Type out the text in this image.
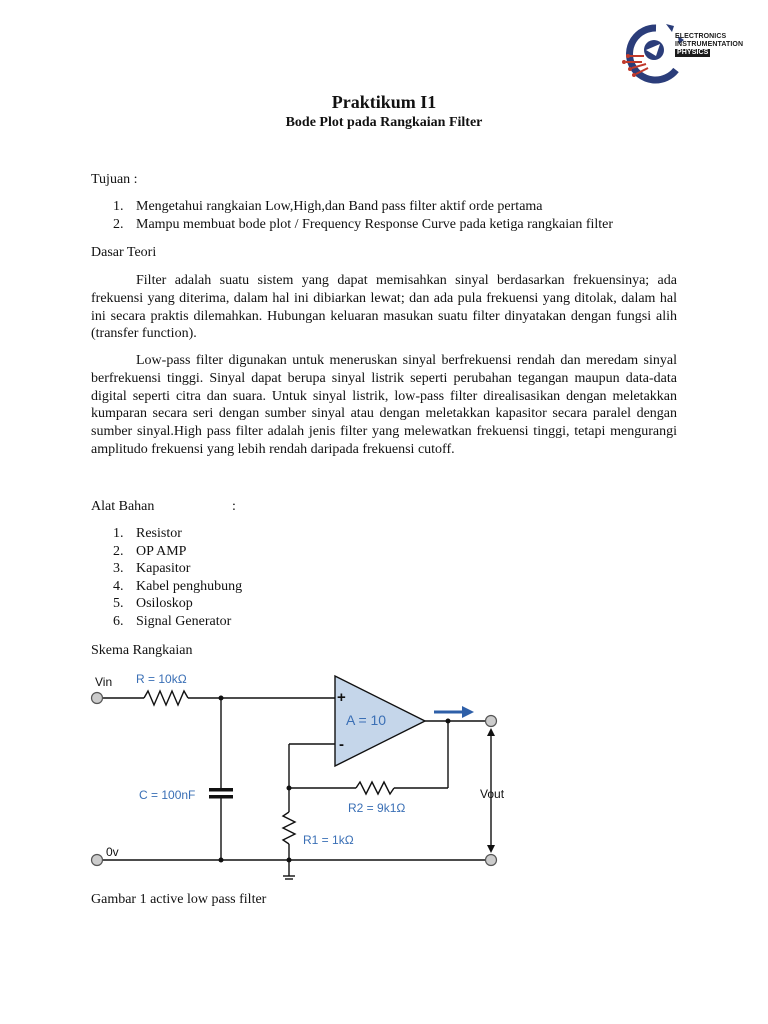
ELECTRONICS
INSTRUMENTATION
PHYSICS
Praktikum I1
Bode Plot pada Rangkaian Filter
Tujuan :
1. Mengetahui rangkaian Low,High,dan Band pass filter aktif orde pertama
2. Mampu membuat bode plot / Frequency Response Curve pada ketiga rangkaian filter
Dasar Teori

Filter adalah suatu sistem yang dapat memisahkan sinyal berdasarkan frekuensinya; ada frekuensi yang diterima, dalam hal ini dibiarkan lewat; dan ada pula frekuensi yang ditolak, dalam hal ini secara praktis dilemahkan. Hubungan keluaran masukan suatu filter dinyatakan dengan fungsi alih (transfer function).

Low-pass filter digunakan untuk meneruskan sinyal berfrekuensi rendah dan meredam sinyal berfrekuensi tinggi. Sinyal dapat berupa sinyal listrik seperti perubahan tegangan maupun data-data digital seperti citra dan suara. Untuk sinyal listrik, low-pass filter direalisasikan dengan meletakkan kumparan secara seri dengan sumber sinyal atau dengan meletakkan kapasitor secara paralel dengan sumber sinyal.High pass filter adalah jenis filter yang melewatkan frekuensi tinggi, tetapi mengurangi amplitudo frekuensi yang lebih rendah daripada frekuensi cutoff.

Alat Bahan	:
1. Resistor
2. OP AMP
3. Kapasitor
4. Kabel penghubung
5. Osiloskop
6. Signal Generator
Skema Rangkaian
Vin R = 10kΩ
+
-
A = 10
C = 100nF
R2 = 9k1Ω
R1 = 1kΩ
0v
Vout
Gambar 1 active low pass filter
